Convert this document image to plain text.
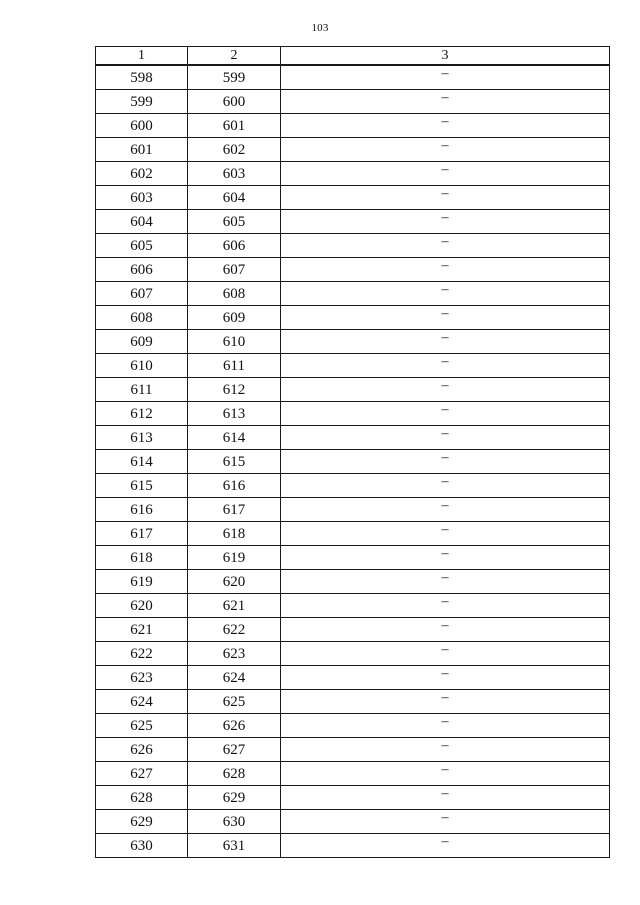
103
1	2	3
598	599	–
599	600	–
600	601	–
601	602	–
602	603	–
603	604	–
604	605	–
605	606	–
606	607	–
607	608	–
608	609	–
609	610	–
610	611	–
611	612	–
612	613	–
613	614	–
614	615	–
615	616	–
616	617	–
617	618	–
618	619	–
619	620	–
620	621	–
621	622	–
622	623	–
623	624	–
624	625	–
625	626	–
626	627	–
627	628	–
628	629	–
629	630	–
630	631	–
